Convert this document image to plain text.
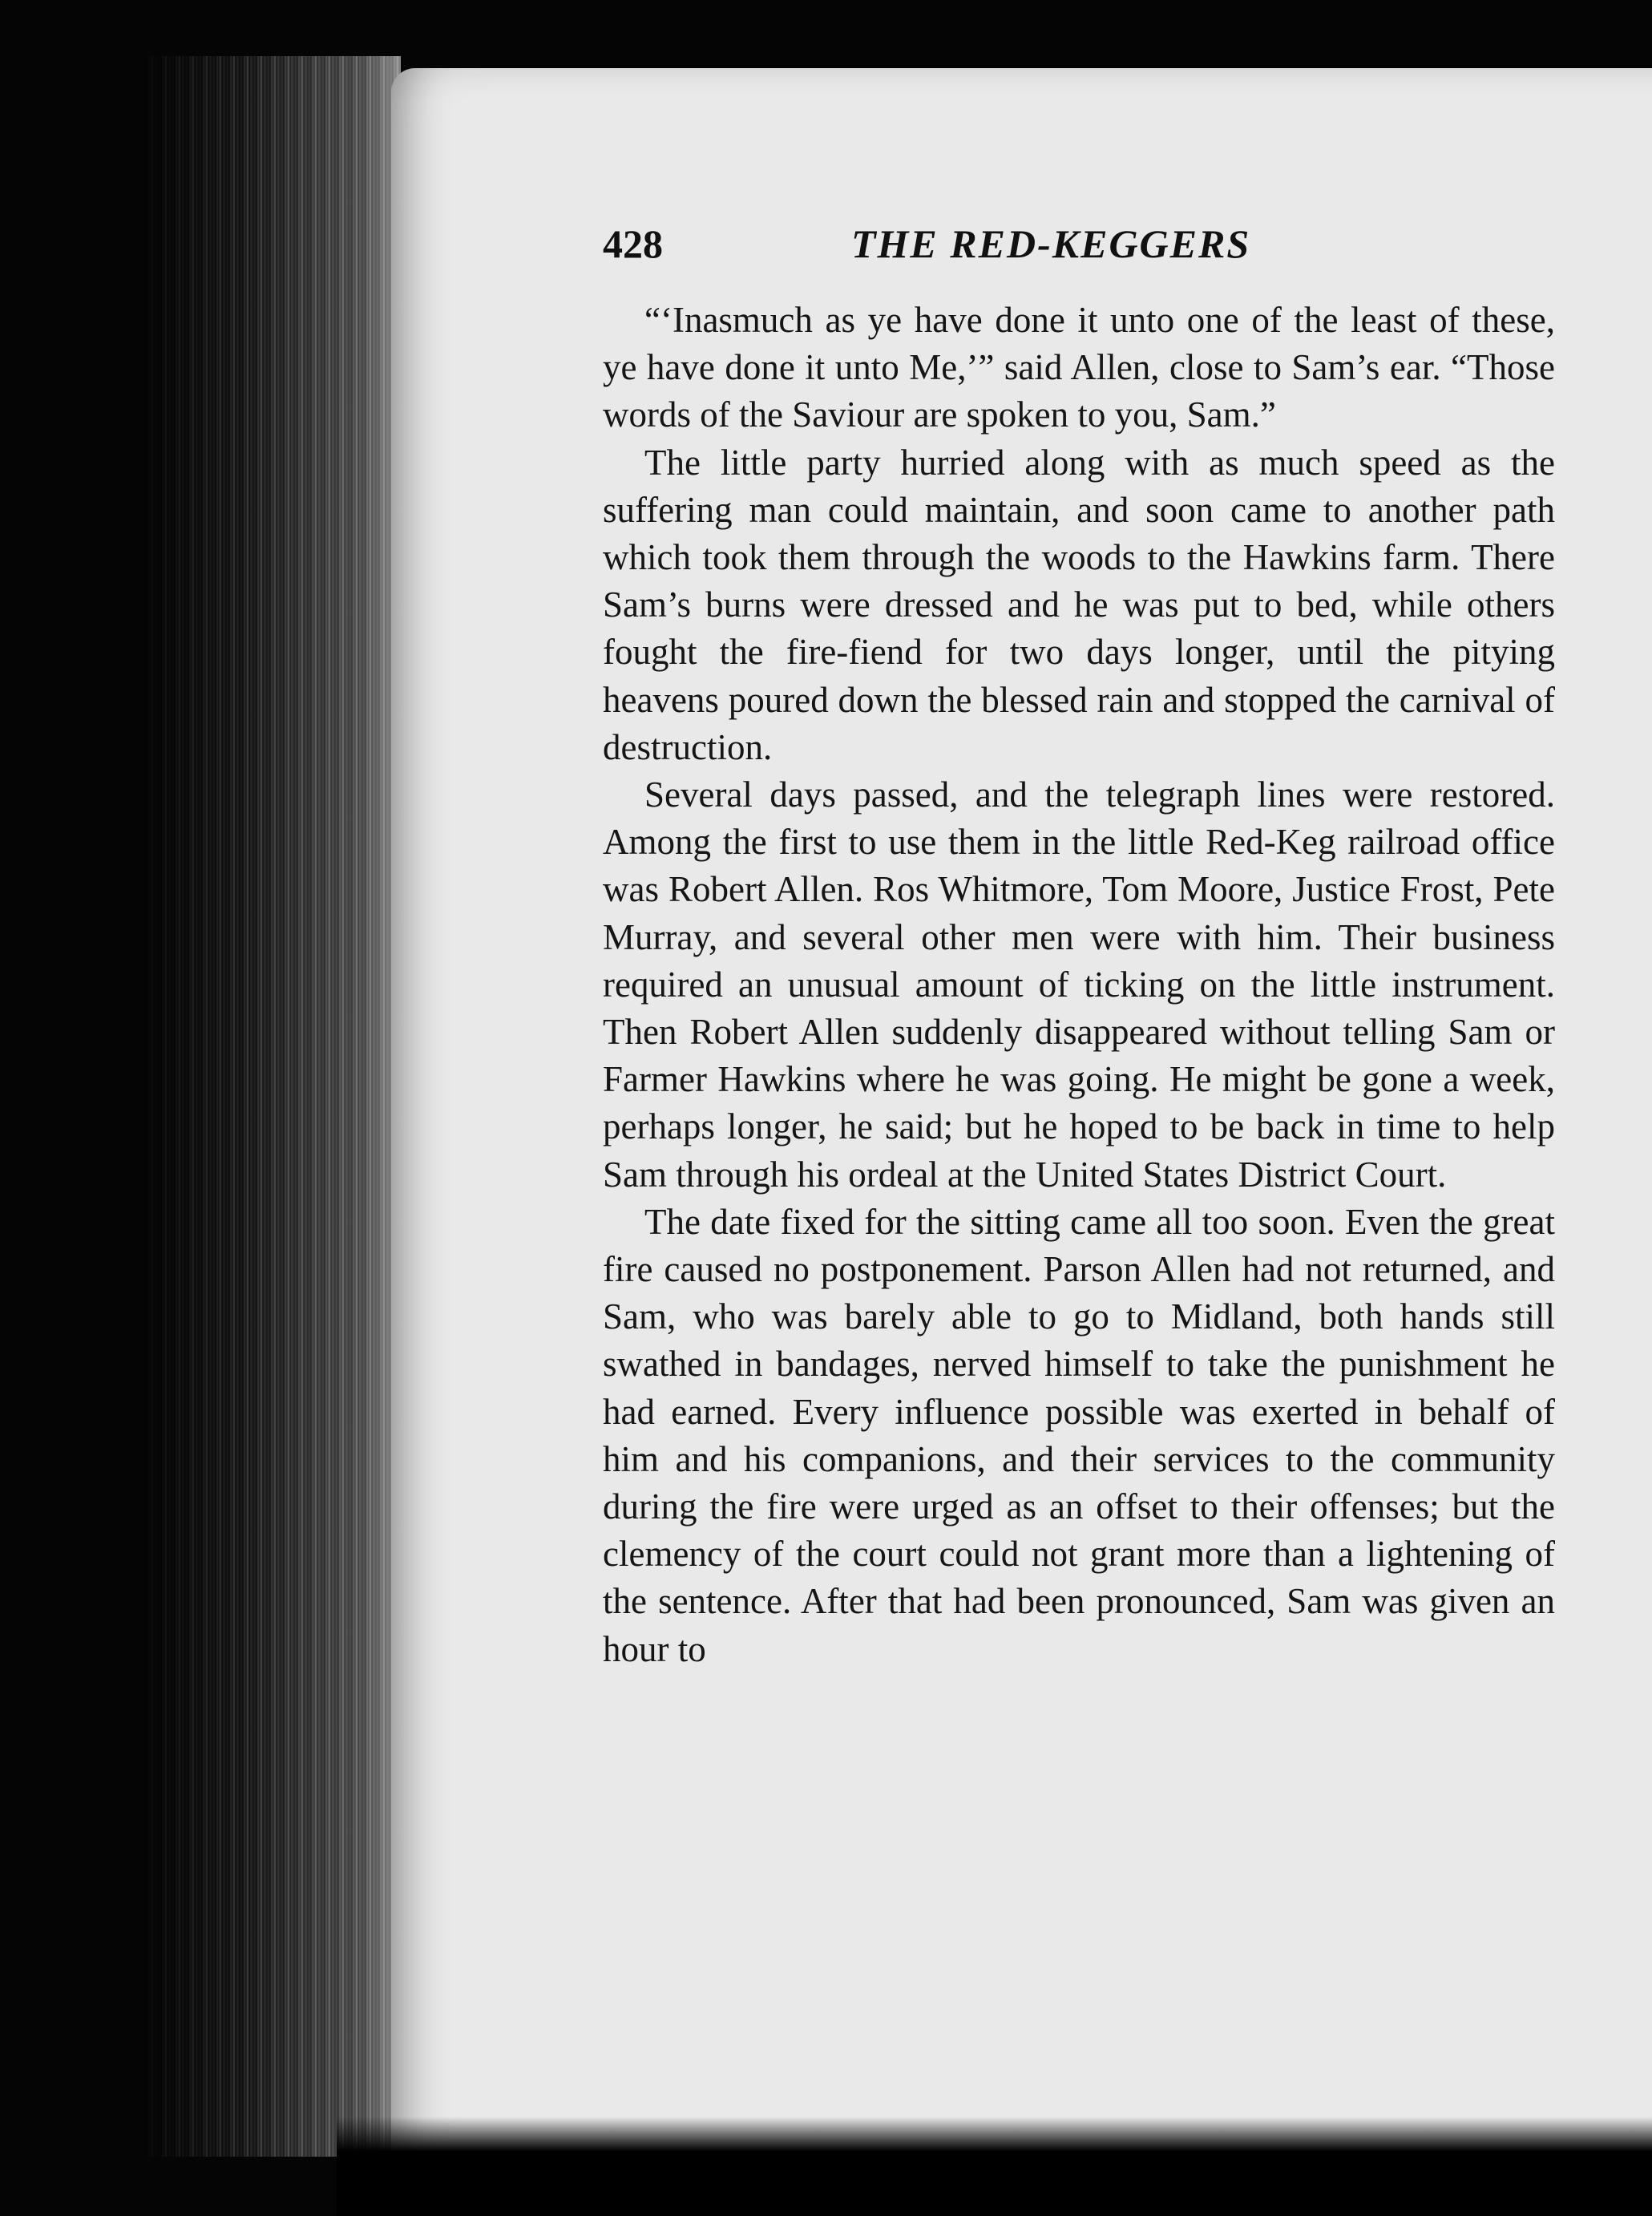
428	THE RED-KEGGERS

“‘Inasmuch as ye have done it unto one of the least of these, ye have done it unto Me,’” said Allen, close to Sam’s ear. “Those words of the Saviour are spoken to you, Sam.”

The little party hurried along with as much speed as the suffering man could maintain, and soon came to another path which took them through the woods to the Hawkins farm. There Sam’s burns were dressed and he was put to bed, while others fought the fire-fiend for two days longer, until the pitying heavens poured down the blessed rain and stopped the carnival of destruction.

Several days passed, and the telegraph lines were restored. Among the first to use them in the little Red-Keg railroad office was Robert Allen. Ros Whitmore, Tom Moore, Justice Frost, Pete Murray, and several other men were with him. Their business required an unusual amount of ticking on the little instrument. Then Robert Allen suddenly disappeared without telling Sam or Farmer Hawkins where he was going. He might be gone a week, perhaps longer, he said; but he hoped to be back in time to help Sam through his ordeal at the United States District Court.

The date fixed for the sitting came all too soon. Even the great fire caused no postponement. Parson Allen had not returned, and Sam, who was barely able to go to Midland, both hands still swathed in bandages, nerved himself to take the punishment he had earned. Every influence possible was exerted in behalf of him and his companions, and their services to the community during the fire were urged as an offset to their offenses; but the clemency of the court could not grant more than a lightening of the sentence. After that had been pronounced, Sam was given an hour to
